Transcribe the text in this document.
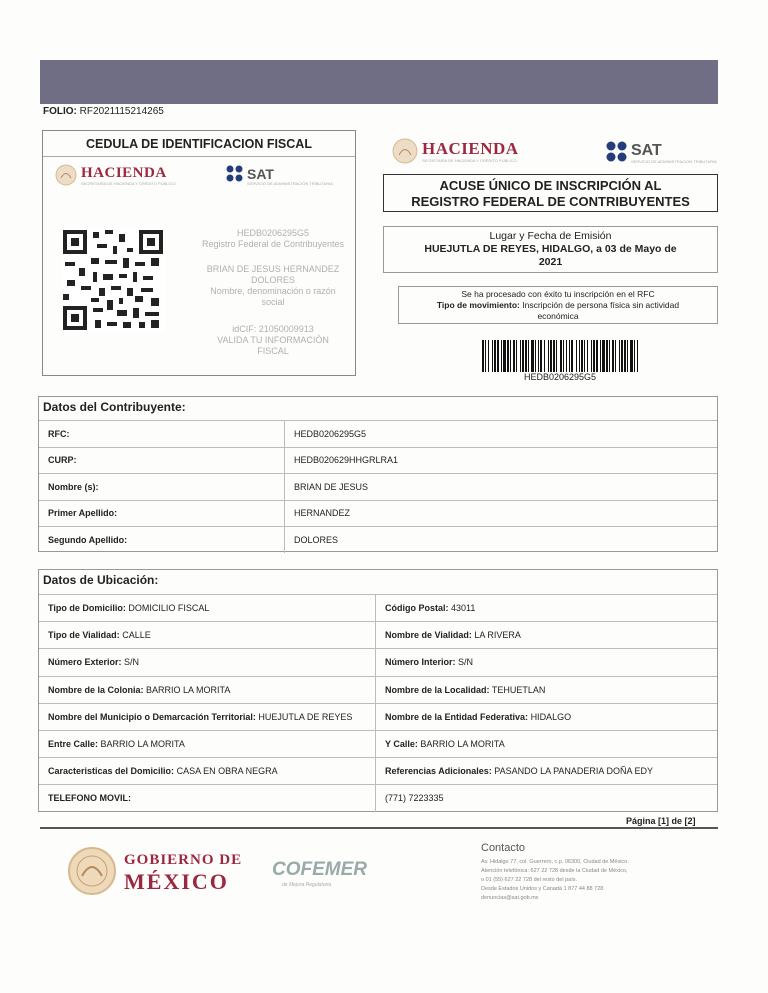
FOLIO: RF2021115214265
CEDULA DE IDENTIFICACION FISCAL
HACIENDA
SECRETARÍA DE HACIENDA Y CRÉDITO PÚBLICO
SAT
SERVICIO DE ADMINISTRACIÓN TRIBUTARIA
HEDB0206295G5
Registro Federal de Contribuyentes
BRIAN DE JESUS HERNANDEZ
DOLORES
Nombre, denominación o razón
social
idCIF: 21050009913
VALIDA TU INFORMACIÓN
FISCAL
HACIENDA
SECRETARÍA DE HACIENDA Y CRÉDITO PÚBLICO
SAT
SERVICIO DE ADMINISTRACIÓN TRIBUTARIA
ACUSE ÚNICO DE INSCRIPCIÓN AL
REGISTRO FEDERAL DE CONTRIBUYENTES
Lugar y Fecha de Emisión
HUEJUTLA DE REYES, HIDALGO, a 03 de Mayo de
2021
Se ha procesado con éxito tu inscripción en el RFC
Tipo de movimiento: Inscripción de persona física sin actividad
económica
HEDB0206295G5
Datos del Contribuyente:
RFC:	HEDB0206295G5
CURP:	HEDB020629HHGRLRA1
Nombre (s):	BRIAN DE JESUS
Primer Apellido:	HERNANDEZ
Segundo Apellido:	DOLORES
Datos de Ubicación:
Tipo de Domicilio: DOMICILIO FISCAL	Código Postal: 43011
Tipo de Vialidad: CALLE	Nombre de Vialidad: LA RIVERA
Número Exterior: S/N	Número Interior: S/N
Nombre de la Colonia: BARRIO LA MORITA	Nombre de la Localidad: TEHUETLAN
Nombre del Municipio o Demarcación Territorial: HUEJUTLA DE REYES	Nombre de la Entidad Federativa: HIDALGO
Entre Calle: BARRIO LA MORITA	Y Calle: BARRIO LA MORITA
Caracteristicas del Domicilio: CASA EN OBRA NEGRA	Referencias Adicionales: PASANDO LA PANADERIA DOÑA EDY
TELEFONO MOVIL:	(771) 7223335
Página [1] de [2]
GOBIERNO DE
MÉXICO COFEMER
de Mejora Regulatoria
Contacto
Av. Hidalgo 77, col. Guerrero, c.p. 06300, Ciudad de México.
Atención telefónica: 627 22 728 desde la Ciudad de México,
o 01 (55) 627 22 728 del resto del país.
Desde Estados Unidos y Canadá 1 877 44 88 728.
denuncias@sat.gob.mx
